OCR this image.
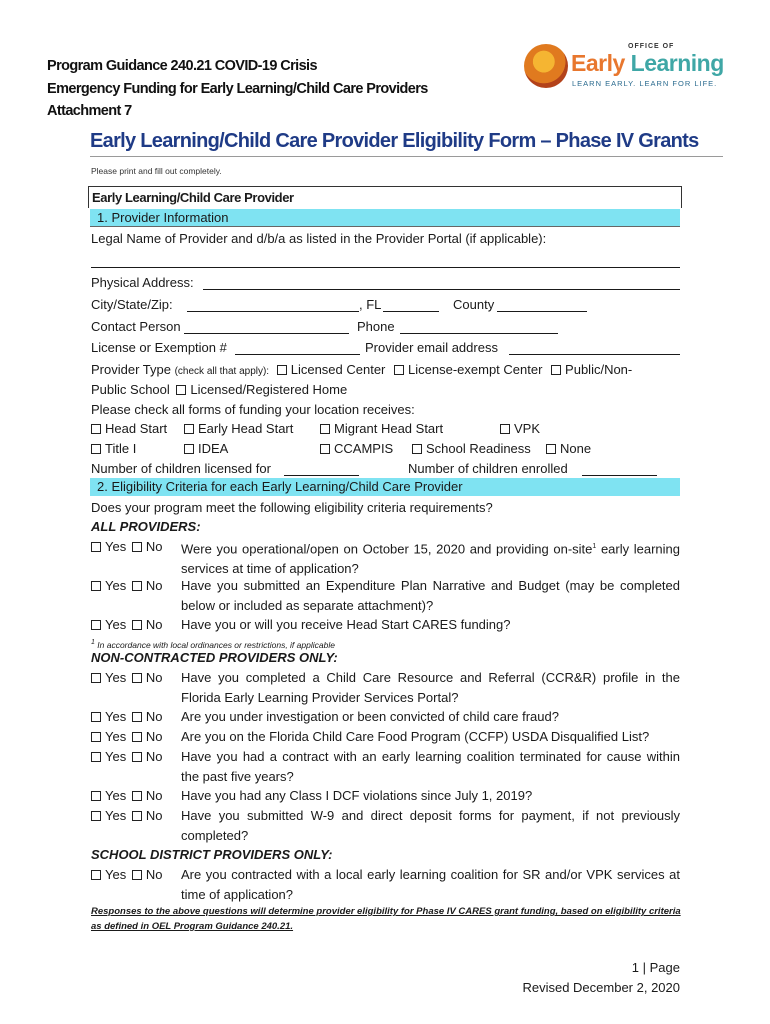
Program Guidance 240.21 COVID-19 Crisis
Emergency Funding for Early Learning/Child Care Providers
Attachment 7
OFFICE OF
Early Learning
LEARN EARLY. LEARN FOR LIFE.
Early Learning/Child Care Provider Eligibility Form – Phase IV Grants
Please print and fill out completely.
Early Learning/Child Care Provider
1. Provider Information
Legal Name of Provider and d/b/a as listed in the Provider Portal (if applicable):
Physical Address:
City/State/Zip:	, FL	County
Contact Person	Phone
License or Exemption #	Provider email address
Provider Type (check all that apply): Licensed Center License-exempt Center Public/Non-
Public School Licensed/Registered Home
Please check all forms of funding your location receives:
Head Start	Early Head Start	Migrant Head Start	VPK
Title I	IDEA	CCAMPIS	School Readiness	None
Number of children licensed for	Number of children enrolled
2. Eligibility Criteria for each Early Learning/Child Care Provider
Does your program meet the following eligibility criteria requirements?
ALL PROVIDERS:
Yes No Were you operational/open on October 15, 2020 and providing on-site$^1$ early learning services at time of application?
Yes No Have you submitted an Expenditure Plan Narrative and Budget (may be completed below or included as separate attachment)?
Yes No Have you or will you receive Head Start CARES funding?
$^1$ In accordance with local ordinances or restrictions, if applicable
NON-CONTRACTED PROVIDERS ONLY:
Yes No Have you completed a Child Care Resource and Referral (CCR&R) profile in the Florida Early Learning Provider Services Portal?
Yes No Are you under investigation or been convicted of child care fraud?
Yes No Are you on the Florida Child Care Food Program (CCFP) USDA Disqualified List?
Yes No Have you had a contract with an early learning coalition terminated for cause within the past five years?
Yes No Have you had any Class I DCF violations since July 1, 2019?
Yes No Have you submitted W-9 and direct deposit forms for payment, if not previously completed?
SCHOOL DISTRICT PROVIDERS ONLY:
Yes No Are you contracted with a local early learning coalition for SR and/or VPK services at time of application?
Responses to the above questions will determine provider eligibility for Phase IV CARES grant funding, based on eligibility criteria as defined in OEL Program Guidance 240.21.
1 | Page
Revised December 2, 2020
